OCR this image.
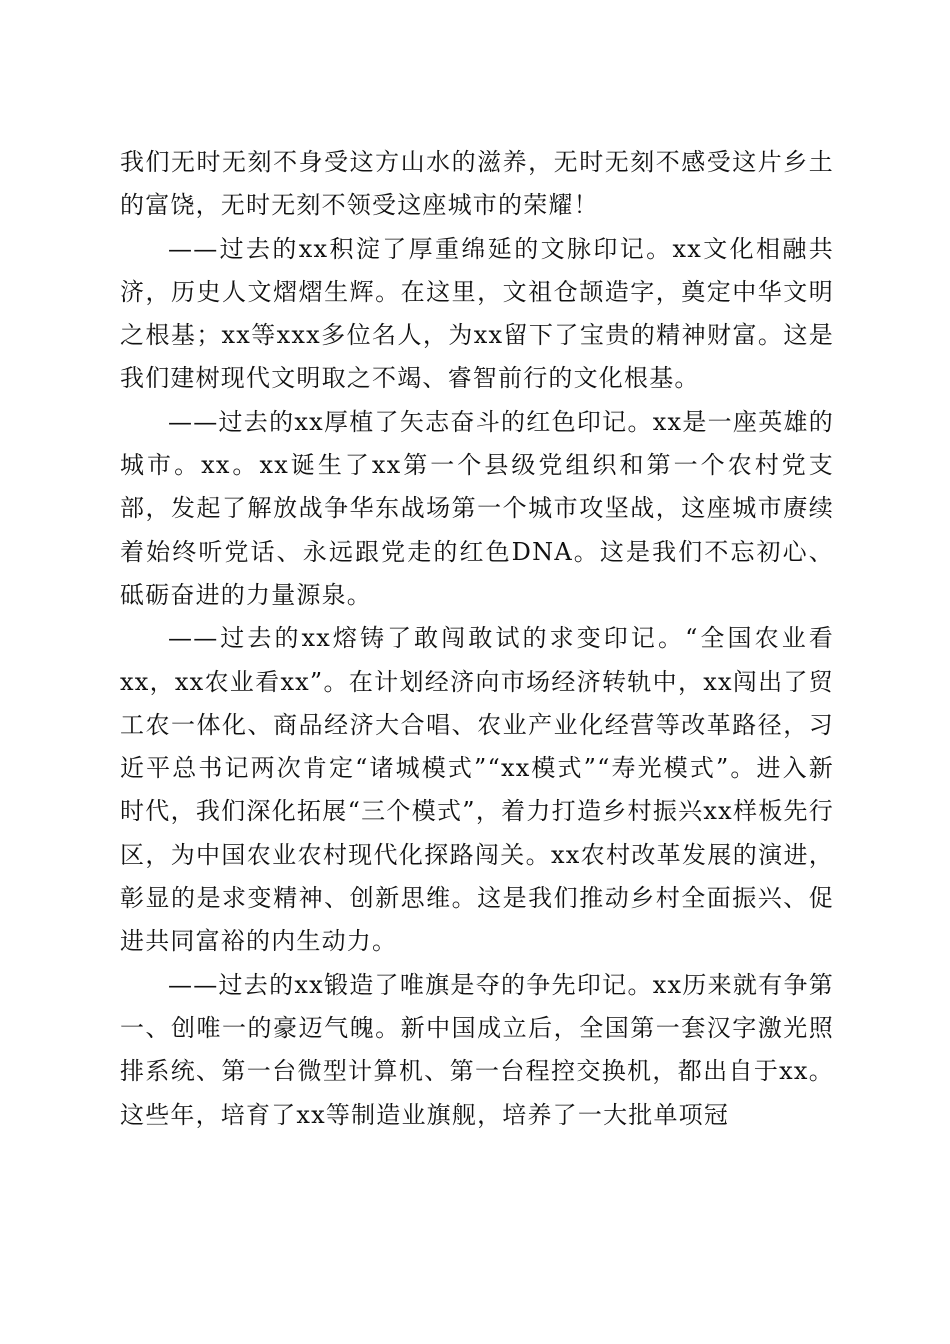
我们无时无刻不身受这方山水的滋养，无时无刻不感受这片乡土的富饶，无时无刻不领受这座城市的荣耀！

——过去的xx积淀了厚重绵延的文脉印记。xx文化相融共济，历史人文熠熠生辉。在这里，文祖仓颉造字，奠定中华文明之根基；xx等xxx多位名人，为xx留下了宝贵的精神财富。这是我们建树现代文明取之不竭、睿智前行的文化根基。

——过去的xx厚植了矢志奋斗的红色印记。xx是一座英雄的城市。xx。xx诞生了xx第一个县级党组织和第一个农村党支部，发起了解放战争华东战场第一个城市攻坚战，这座城市赓续着始终听党话、永远跟党走的红色DNA。这是我们不忘初心、砥砺奋进的力量源泉。

——过去的xx熔铸了敢闯敢试的求变印记。“全国农业看xx，xx农业看xx”。在计划经济向市场经济转轨中，xx闯出了贸工农一体化、商品经济大合唱、农业产业化经营等改革路径，习近平总书记两次肯定“诸城模式”“xx模式”“寿光模式”。进入新时代，我们深化拓展“三个模式”，着力打造乡村振兴xx样板先行区，为中国农业农村现代化探路闯关。xx农村改革发展的演进，彰显的是求变精神、创新思维。这是我们推动乡村全面振兴、促进共同富裕的内生动力。

——过去的xx锻造了唯旗是夺的争先印记。xx历来就有争第一、创唯一的豪迈气魄。新中国成立后，全国第一套汉字激光照排系统、第一台微型计算机、第一台程控交换机，都出自于xx。这些年，培育了xx等制造业旗舰，培养了一大批单项冠
